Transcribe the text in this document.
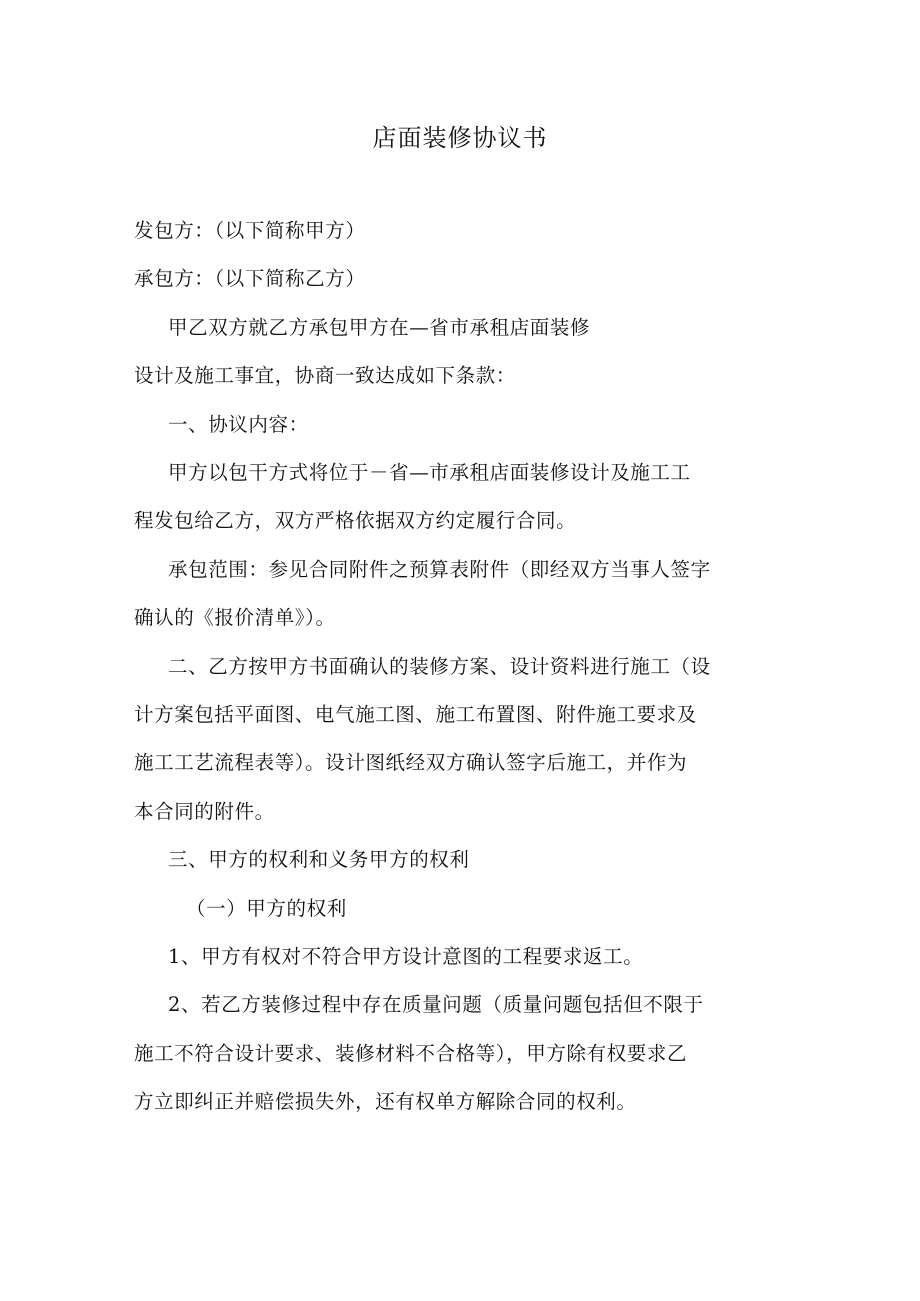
店面装修协议书
发包方：（以下简称甲方）
承包方：（以下简称乙方）
甲乙双方就乙方承包甲方在—省市承租店面装修
设计及施工事宜，协商一致达成如下条款：
一、协议内容：
甲方以包干方式将位于－省—市承租店面装修设计及施工工
程发包给乙方，双方严格依据双方约定履行合同。
承包范围：参见合同附件之预算表附件（即经双方当事人签字
确认的《报价清单》）。
二、乙方按甲方书面确认的装修方案、设计资料进行施工（设
计方案包括平面图、电气施工图、施工布置图、附件施工要求及
施工工艺流程表等）。设计图纸经双方确认签字后施工，并作为
本合同的附件。
三、甲方的权利和义务甲方的权利
（一）甲方的权利
1、甲方有权对不符合甲方设计意图的工程要求返工。
2、若乙方装修过程中存在质量问题（质量问题包括但不限于
施工不符合设计要求、装修材料不合格等），甲方除有权要求乙
方立即纠正并赔偿损失外，还有权单方解除合同的权利。
